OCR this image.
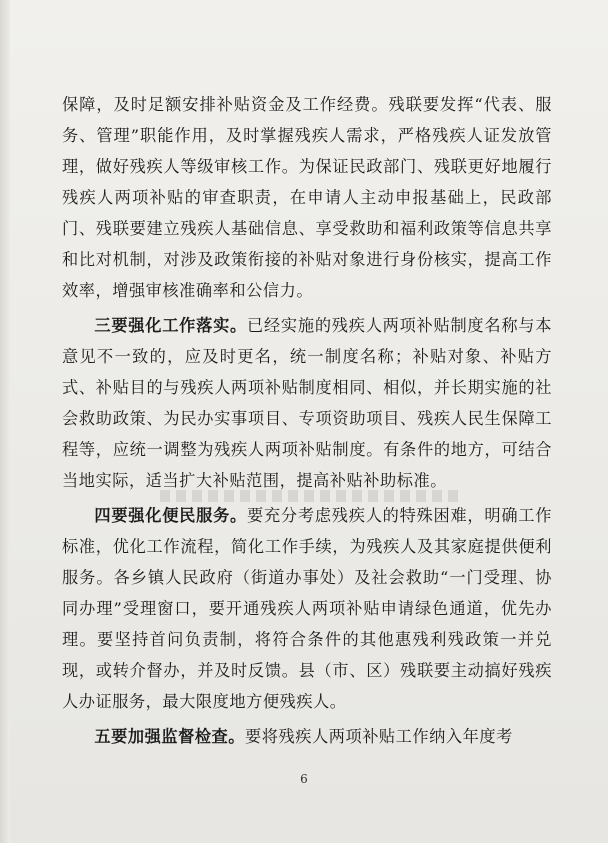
保障，及时足额安排补贴资金及工作经费。残联要发挥“代表、服务、管理”职能作用，及时掌握残疾人需求，严格残疾人证发放管理，做好残疾人等级审核工作。为保证民政部门、残联更好地履行残疾人两项补贴的审查职责，在申请人主动申报基础上，民政部门、残联要建立残疾人基础信息、享受救助和福利政策等信息共享和比对机制，对涉及政策衔接的补贴对象进行身份核实，提高工作效率，增强审核准确率和公信力。

三要强化工作落实。已经实施的残疾人两项补贴制度名称与本意见不一致的，应及时更名，统一制度名称；补贴对象、补贴方式、补贴目的与残疾人两项补贴制度相同、相似，并长期实施的社会救助政策、为民办实事项目、专项资助项目、残疾人民生保障工程等，应统一调整为残疾人两项补贴制度。有条件的地方，可结合当地实际，适当扩大补贴范围，提高补贴补助标准。

四要强化便民服务。要充分考虑残疾人的特殊困难，明确工作标准，优化工作流程，简化工作手续，为残疾人及其家庭提供便利服务。各乡镇人民政府（街道办事处）及社会救助“一门受理、协同办理”受理窗口，要开通残疾人两项补贴申请绿色通道，优先办理。要坚持首问负责制，将符合条件的其他惠残利残政策一并兑现，或转介督办，并及时反馈。县（市、区）残联要主动搞好残疾人办证服务，最大限度地方便残疾人。

五要加强监督检查。要将残疾人两项补贴工作纳入年度考

6
